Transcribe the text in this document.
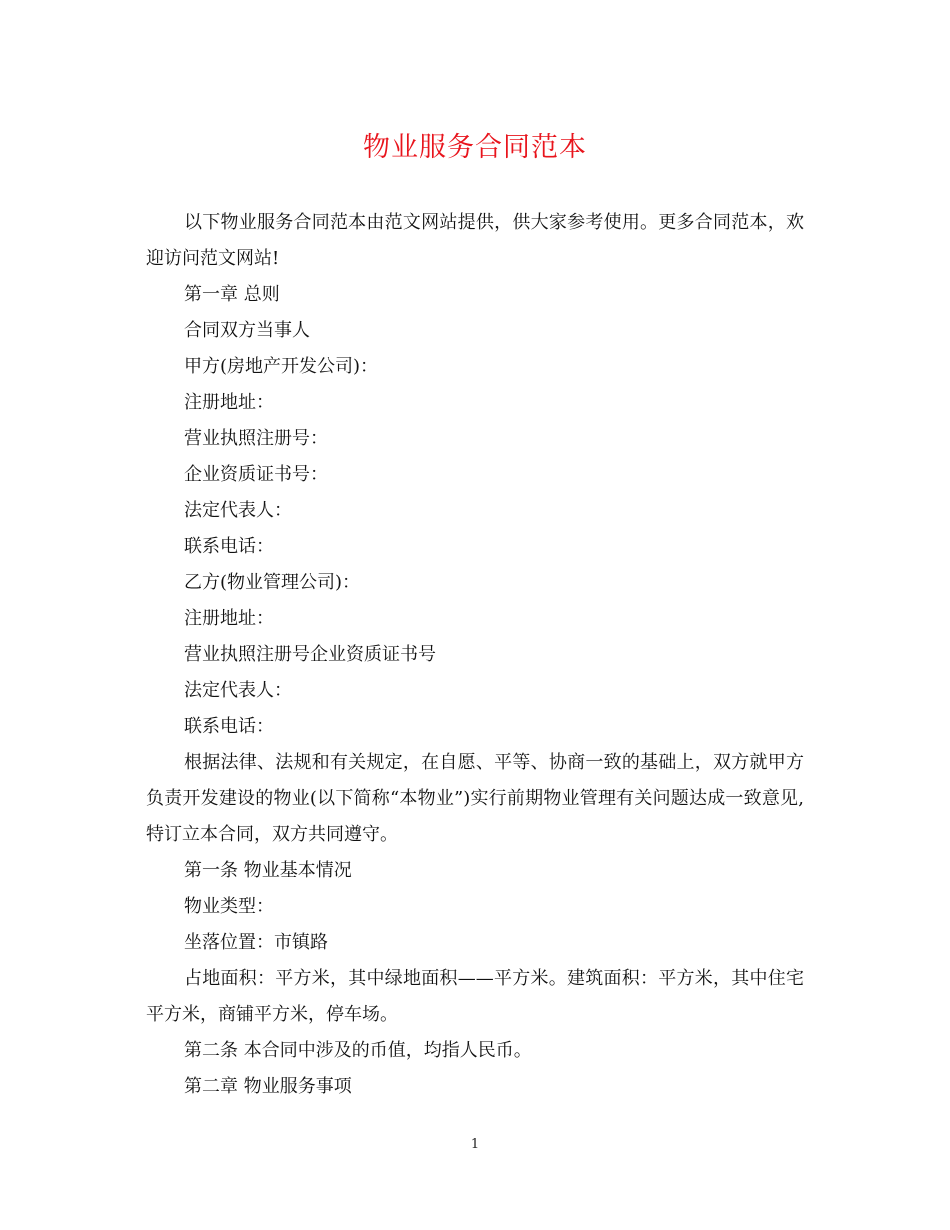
物业服务合同范本

以下物业服务合同范本由范文网站提供，供大家参考使用。更多合同范本，欢迎访问范文网站!

第一章 总则

合同双方当事人

甲方(房地产开发公司)：

注册地址：

营业执照注册号：

企业资质证书号：

法定代表人：

联系电话：

乙方(物业管理公司)：

注册地址：

营业执照注册号企业资质证书号

法定代表人：

联系电话：

根据法律、法规和有关规定，在自愿、平等、协商一致的基础上，双方就甲方负责开发建设的物业(以下简称“本物业”)实行前期物业管理有关问题达成一致意见,特订立本合同，双方共同遵守。

第一条 物业基本情况

物业类型：

坐落位置：市镇路

占地面积：平方米，其中绿地面积——平方米。建筑面积：平方米，其中住宅平方米，商铺平方米，停车场。

第二条 本合同中涉及的币值，均指人民币。

第二章 物业服务事项

1
